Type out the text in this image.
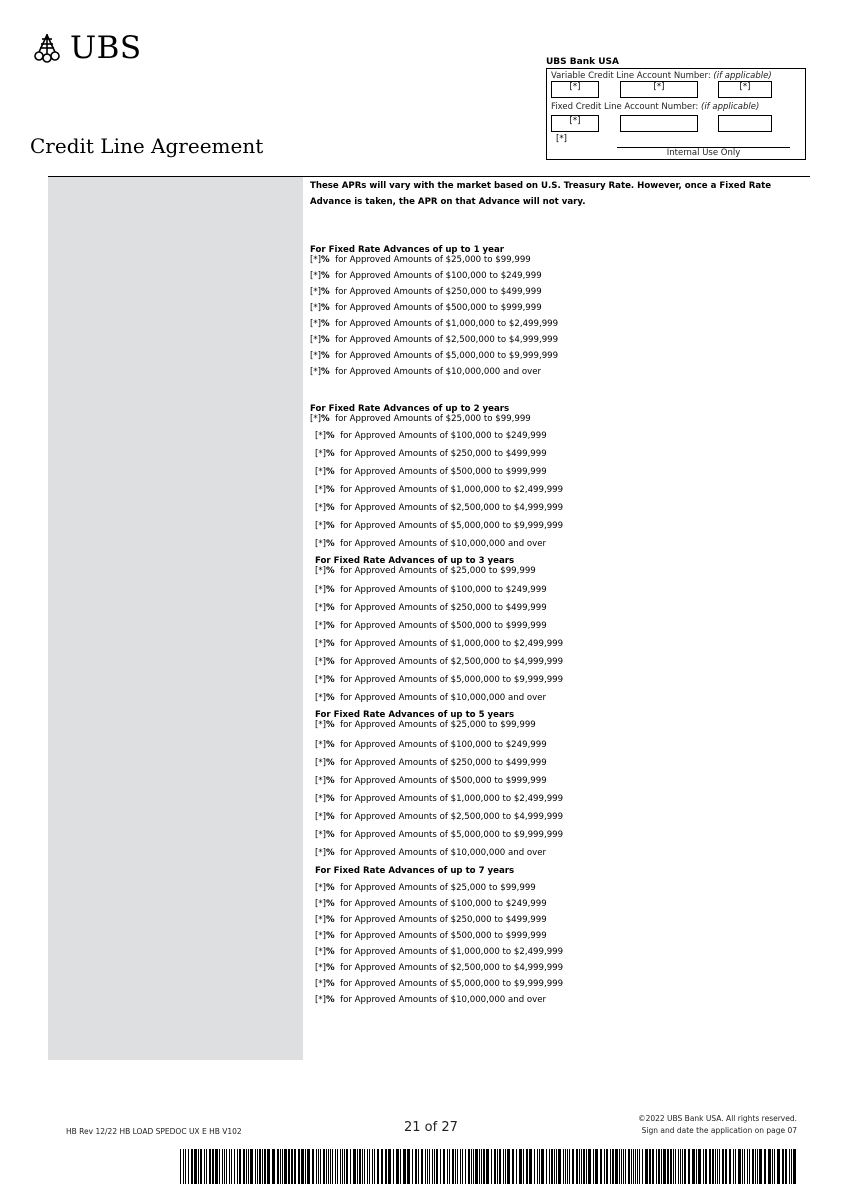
UBS
Credit Line Agreement
UBS Bank USA
Variable Credit Line Account Number: (if applicable)
[*]	[*]	[*]
Fixed Credit Line Account Number: (if applicable)
[*]
[*]
Internal Use Only
These APRs will vary with the market based on U.S. Treasury Rate. However, once a Fixed Rate Advance is taken, the APR on that Advance will not vary.
For Fixed Rate Advances of up to 1 year
[*]% for Approved Amounts of $25,000 to $99,999
[*]% for Approved Amounts of $100,000 to $249,999
[*]% for Approved Amounts of $250,000 to $499,999
[*]% for Approved Amounts of $500,000 to $999,999
[*]% for Approved Amounts of $1,000,000 to $2,499,999
[*]% for Approved Amounts of $2,500,000 to $4,999,999
[*]% for Approved Amounts of $5,000,000 to $9,999,999
[*]% for Approved Amounts of $10,000,000 and over
For Fixed Rate Advances of up to 2 years
[*]% for Approved Amounts of $25,000 to $99,999
[*]% for Approved Amounts of $100,000 to $249,999
[*]% for Approved Amounts of $250,000 to $499,999
[*]% for Approved Amounts of $500,000 to $999,999
[*]% for Approved Amounts of $1,000,000 to $2,499,999
[*]% for Approved Amounts of $2,500,000 to $4,999,999
[*]% for Approved Amounts of $5,000,000 to $9,999,999
[*]% for Approved Amounts of $10,000,000 and over
For Fixed Rate Advances of up to 3 years
[*]% for Approved Amounts of $25,000 to $99,999
[*]% for Approved Amounts of $100,000 to $249,999
[*]% for Approved Amounts of $250,000 to $499,999
[*]% for Approved Amounts of $500,000 to $999,999
[*]% for Approved Amounts of $1,000,000 to $2,499,999
[*]% for Approved Amounts of $2,500,000 to $4,999,999
[*]% for Approved Amounts of $5,000,000 to $9,999,999
[*]% for Approved Amounts of $10,000,000 and over
For Fixed Rate Advances of up to 5 years
[*]% for Approved Amounts of $25,000 to $99,999
[*]% for Approved Amounts of $100,000 to $249,999
[*]% for Approved Amounts of $250,000 to $499,999
[*]% for Approved Amounts of $500,000 to $999,999
[*]% for Approved Amounts of $1,000,000 to $2,499,999
[*]% for Approved Amounts of $2,500,000 to $4,999,999
[*]% for Approved Amounts of $5,000,000 to $9,999,999
[*]% for Approved Amounts of $10,000,000 and over
For Fixed Rate Advances of up to 7 years
[*]% for Approved Amounts of $25,000 to $99,999
[*]% for Approved Amounts of $100,000 to $249,999
[*]% for Approved Amounts of $250,000 to $499,999
[*]% for Approved Amounts of $500,000 to $999,999
[*]% for Approved Amounts of $1,000,000 to $2,499,999
[*]% for Approved Amounts of $2,500,000 to $4,999,999
[*]% for Approved Amounts of $5,000,000 to $9,999,999
[*]% for Approved Amounts of $10,000,000 and over
HB Rev 12/22 HB LOAD SPEDOC UX E HB V102	21 of 27
©2022 UBS Bank USA. All rights reserved.
Sign and date the application on page 07
